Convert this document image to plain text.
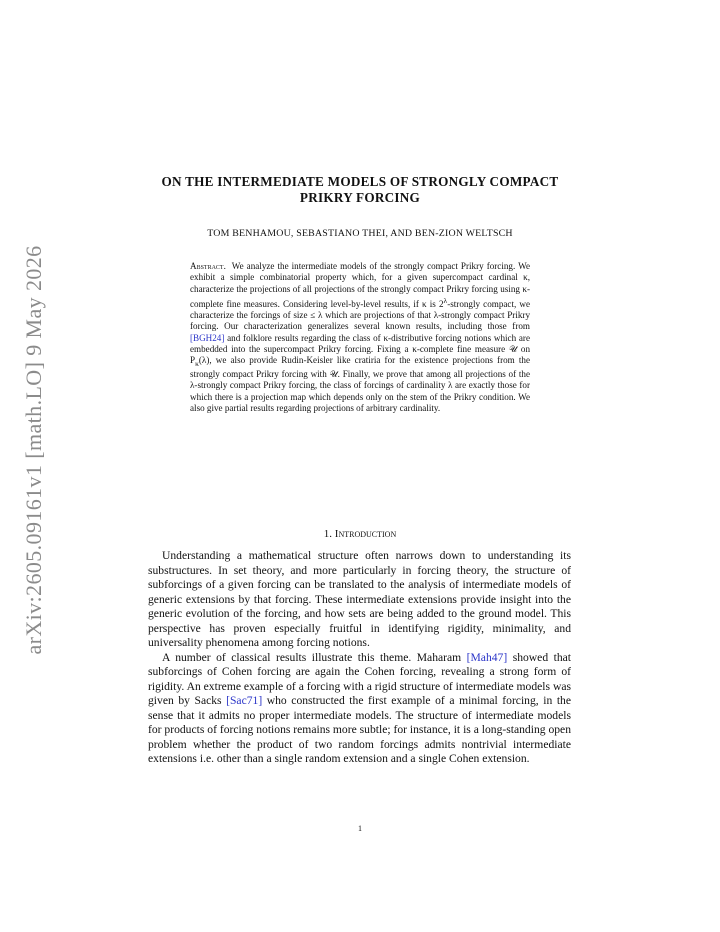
arXiv:2605.09161v1 [math.LO] 9 May 2026
ON THE INTERMEDIATE MODELS OF STRONGLY COMPACT PRIKRY FORCING
TOM BENHAMOU, SEBASTIANO THEI, AND BEN-ZION WELTSCH
Abstract. We analyze the intermediate models of the strongly compact Prikry forcing. We exhibit a simple combinatorial property which, for a given supercompact cardinal κ, characterize the projections of all projections of the strongly compact Prikry forcing using κ-complete fine measures. Considering level-by-level results, if κ is $2^\lambda$-strongly compact, we characterize the forcings of size ≤ λ which are projections of that λ-strongly compact Prikry forcing. Our characterization generalizes several known results, including those from [BGH24] and folklore results regarding the class of κ-distributive forcing notions which are embedded into the supercompact Prikry forcing. Fixing a κ-complete fine measure 𝒰 on $P_\kappa(\lambda)$, we also provide Rudin-Keisler like cratiria for the existence projections from the strongly compact Prikry forcing with 𝒰. Finally, we prove that among all projections of the λ-strongly compact Prikry forcing, the class of forcings of cardinality λ are exactly those for which there is a projection map which depends only on the stem of the Prikry condition. We also give partial results regarding projections of arbitrary cardinality.
1. Introduction

Understanding a mathematical structure often narrows down to understanding its substructures. In set theory, and more particularly in forcing theory, the structure of subforcings of a given forcing can be translated to the analysis of intermediate models of generic extensions by that forcing. These intermediate extensions provide insight into the generic evolution of the forcing, and how sets are being added to the ground model. This perspective has proven especially fruitful in identifying rigidity, minimality, and universality phenomena among forcing notions.

A number of classical results illustrate this theme. Maharam [Mah47] showed that subforcings of Cohen forcing are again the Cohen forcing, revealing a strong form of rigidity. An extreme example of a forcing with a rigid structure of intermediate models was given by Sacks [Sac71] who constructed the first example of a minimal forcing, in the sense that it admits no proper intermediate models. The structure of intermediate models for products of forcing notions remains more subtle; for instance, it is a long-standing open problem whether the product of two random forcings admits nontrivial intermediate extensions i.e. other than a single random extension and a single Cohen extension.

1
